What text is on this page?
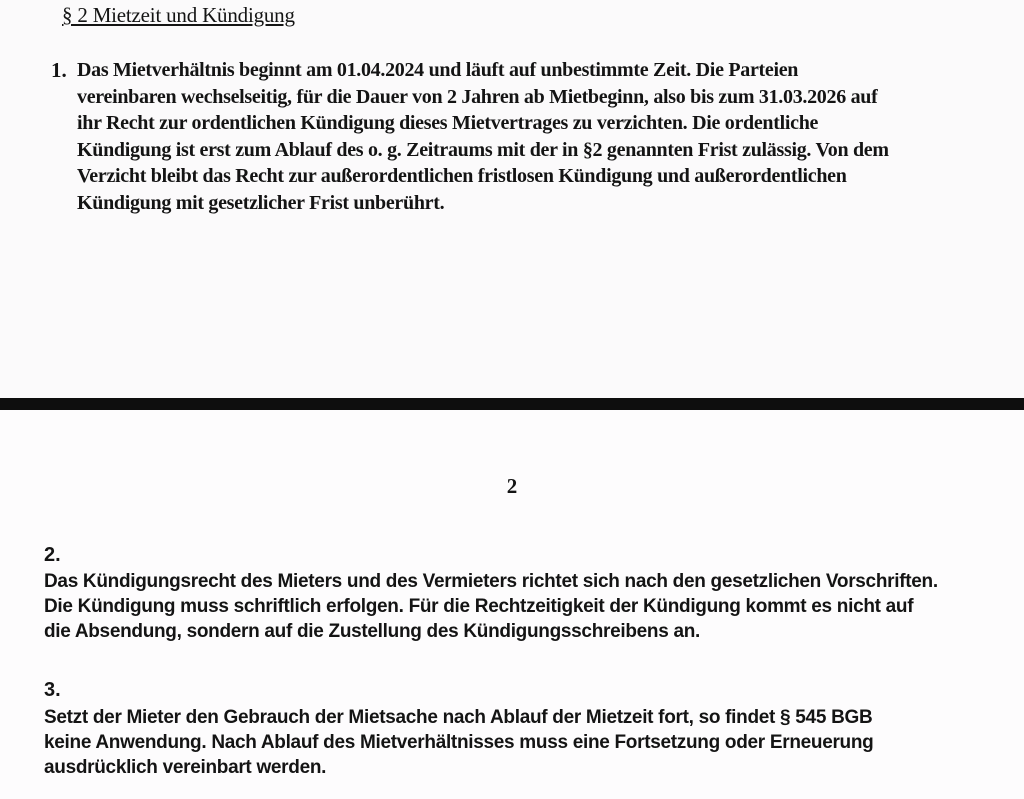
§ 2 Mietzeit und Kündigung
1. Das Mietverhältnis beginnt am 01.04.2024 und läuft auf unbestimmte Zeit. Die Parteien
vereinbaren wechselseitig, für die Dauer von 2 Jahren ab Mietbeginn, also bis zum 31.03.2026 auf
ihr Recht zur ordentlichen Kündigung dieses Mietvertrages zu verzichten. Die ordentliche
Kündigung ist erst zum Ablauf des o. g. Zeitraums mit der in §2 genannten Frist zulässig. Von dem
Verzicht bleibt das Recht zur außerordentlichen fristlosen Kündigung und außerordentlichen
Kündigung mit gesetzlicher Frist unberührt.
2
2.
Das Kündigungsrecht des Mieters und des Vermieters richtet sich nach den gesetzlichen Vorschriften.
Die Kündigung muss schriftlich erfolgen. Für die Rechtzeitigkeit der Kündigung kommt es nicht auf
die Absendung, sondern auf die Zustellung des Kündigungsschreibens an.
3.
Setzt der Mieter den Gebrauch der Mietsache nach Ablauf der Mietzeit fort, so findet § 545 BGB
keine Anwendung. Nach Ablauf des Mietverhältnisses muss eine Fortsetzung oder Erneuerung
ausdrücklich vereinbart werden.
